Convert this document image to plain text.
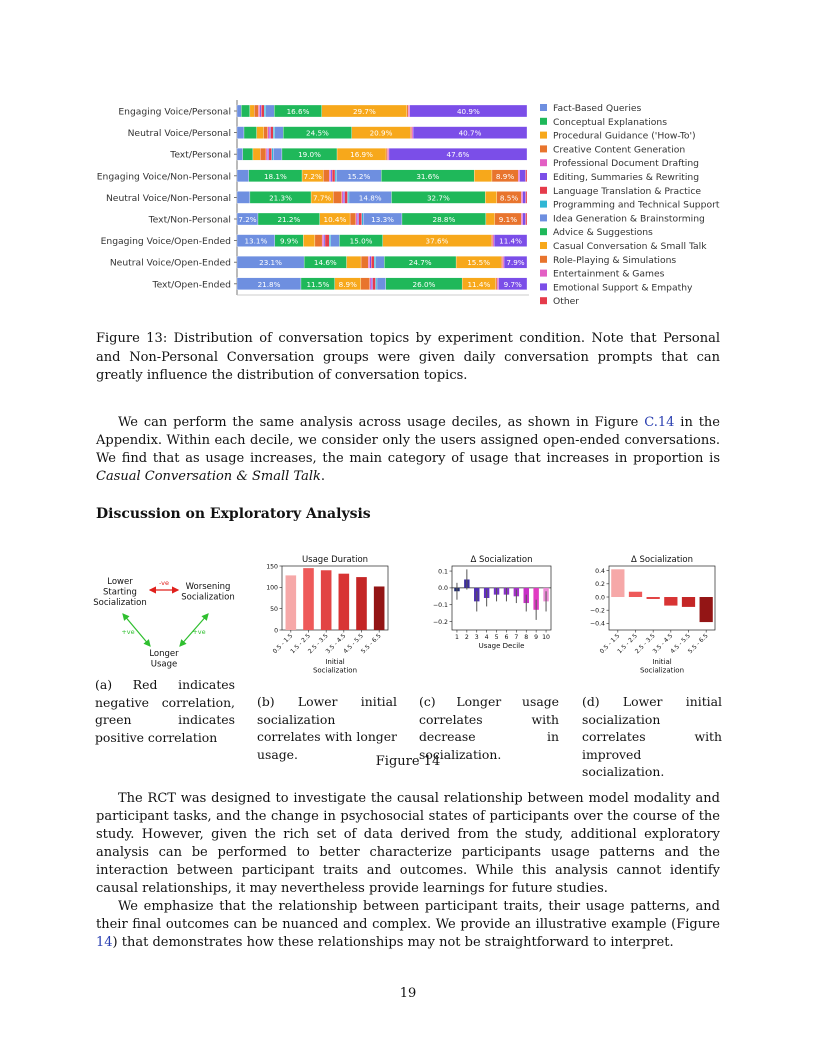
Engaging Voice/Personal	16.6%	29.7%	40.9%
Neutral Voice/Personal	24.5%	20.9%	40.7%
Text/Personal	19.0%	16.9%	47.6%
Engaging Voice/Non-Personal	18.1% 7.2%	15.2%	31.6%	8.9%
Neutral Voice/Non-Personal	21.3%	7.7%	14.8%	32.7%	8.5%
Text/Non-Personal 7.2%	21.2%	10.4%	13.3%	28.8%	9.1%
Engaging Voice/Open-Ended 13.1% 9.9%	15.0%	37.6%	11.4%
Neutral Voice/Open-Ended	23.1%	14.6%	24.7%	15.5% 7.9%
Text/Open-Ended	21.8%	11.5% 8.9%	26.0%	11.4% 9.7%
Fact-Based Queries
Conceptual Explanations
Procedural Guidance ('How-To')
Creative Content Generation
Professional Document Drafting
Editing, Summaries & Rewriting
Language Translation & Practice
Programming and Technical Support
Idea Generation & Brainstorming
Advice & Suggestions
Casual Conversation & Small Talk
Role-Playing & Simulations
Entertainment & Games
Emotional Support & Empathy
Other
Figure 13: Distribution of conversation topics by experiment condition. Note that Personal and Non-Personal Conversation groups were given daily conversation prompts that can greatly influence the distribution of conversation topics.

We can perform the same analysis across usage deciles, as shown in Figure C.14 in the Appendix. Within each decile, we consider only the users assigned open-ended conversations. We find that as usage increases, the main category of usage that increases in proportion is Casual Conversation & Small Talk.

Discussion on Exploratory Analysis
Lower
Starting
Socialization
Worsening
Socialization
Longer
Usage
-ve
+ve	+ve
Usage Duration
0
50
100
150
0.5 - 1.5
1.5 - 2.5
2.5 - 3.5
3.5 - 4.5
4.5 - 5.5
5.5 - 6.5
Initial
Socialization
Δ Socialization
−0.2
−0.1
0.0
0.1
1 2 3 4 5 6 7 8 9 10
Usage Decile
Δ Socialization
−0.4
−0.2
0.0
0.2
0.4
0.5 - 1.5
1.5 - 2.5
2.5 - 3.5
3.5 - 4.5
4.5 - 5.5
5.5 - 6.5
Initial
Socialization
(a) Red indicates negative correlation, green indicates positive correlation
(b) Lower initial socialization correlates with longer usage.
(c) Longer usage correlates with decrease in socialization.
(d) Lower initial socialization correlates with improved socialization.
Figure 14

The RCT was designed to investigate the causal relationship between model modality and participant tasks, and the change in psychosocial states of participants over the course of the study. However, given the rich set of data derived from the study, additional exploratory analysis can be performed to better characterize participants usage patterns and the interaction between participant traits and outcomes. While this analysis cannot identify causal relationships, it may nevertheless provide learnings for future studies.

We emphasize that the relationship between participant traits, their usage patterns, and their final outcomes can be nuanced and complex. We provide an illustrative example (Figure 14) that demonstrates how these relationships may not be straightforward to interpret.

19
